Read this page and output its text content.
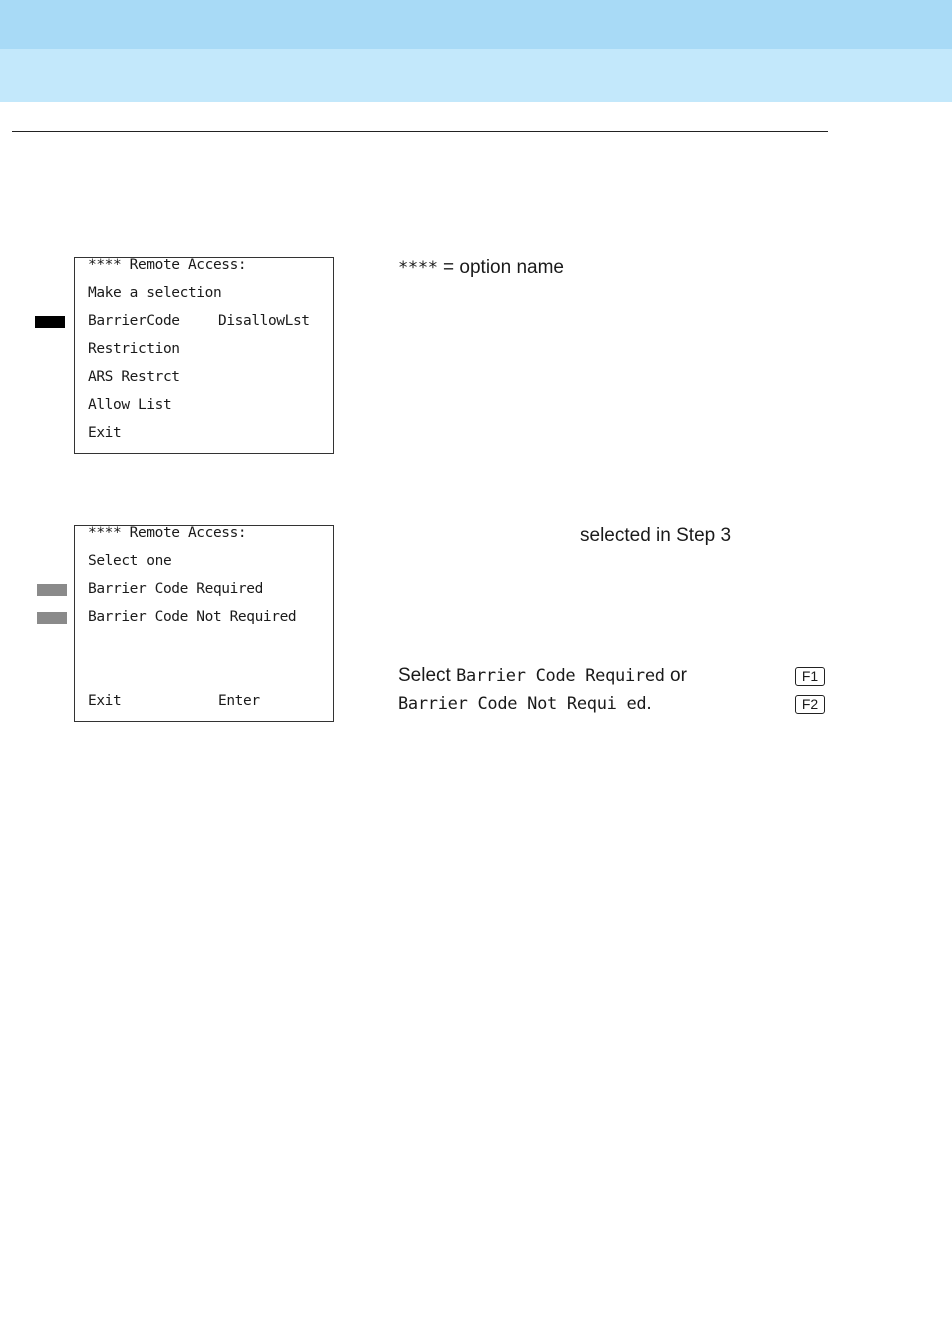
**** Remote Access:
Make a selection
BarrierCode	DisallowLst
Restriction
ARS Restrct
Allow List
Exit
**** = option name
**** Remote Access:
Select one
Barrier Code Required
Barrier Code Not Required
Exit	Enter
selected in Step 3
Select Barrier Code Required or
Barrier Code Not Requi ed.
F1
F2
